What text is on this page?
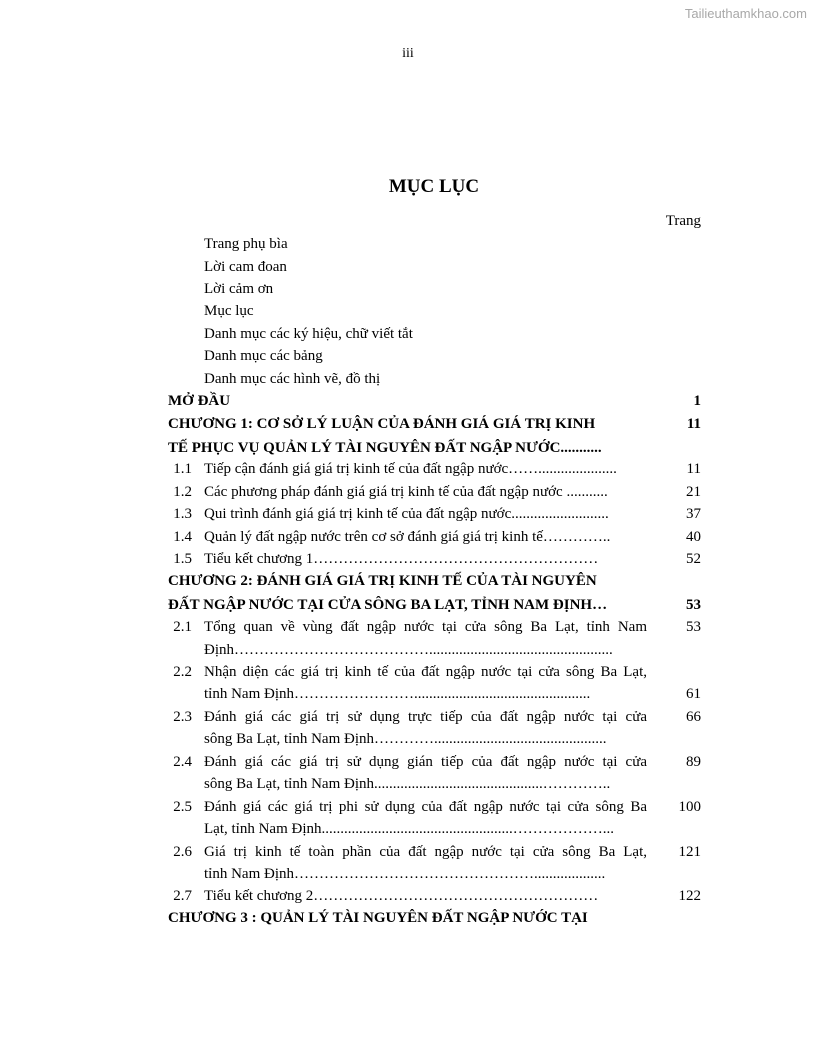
Tailieuthamkhao.com
iii
MỤC LỤC
Trang
Trang phụ bìa
Lời cam đoan
Lời cảm ơn
Mục lục
Danh mục các ký hiệu, chữ viết tắt
Danh mục các bảng
Danh mục các hình vẽ, đồ thị
MỞ ĐẦU	1
CHƯƠNG 1: CƠ SỞ LÝ LUẬN CỦA ĐÁNH GIÁ GIÁ TRỊ KINH	11
TẾ PHỤC VỤ QUẢN LÝ TÀI NGUYÊN ĐẤT NGẬP NƯỚC...........
1.1 Tiếp cận đánh giá giá trị kinh tế của đất ngập nước…….....................	11
1.2 Các phương pháp đánh giá giá trị kinh tế của đất ngập nước ...........	21
1.3 Qui trình đánh giá giá trị kinh tế của đất ngập nước..........................	37
1.4 Quản lý đất ngập nước trên cơ sở đánh giá giá trị kinh tế…………..	40
1.5 Tiểu kết chương 1…………………………………………………	52
CHƯƠNG 2: ĐÁNH GIÁ GIÁ TRỊ KINH TẾ CỦA TÀI NGUYÊN
ĐẤT NGẬP NƯỚC TẠI CỬA SÔNG BA LẠT, TỈNH NAM ĐỊNH…	53
2.1 Tổng quan về vùng đất ngập nước tại cửa sông Ba Lạt, tỉnh Nam	53
Định………………………………….................................................
2.2 Nhận diện các giá trị kinh tế của đất ngập nước tại cửa sông Ba Lạt,
tỉnh Nam Định……………………...............................................	61
2.3 Đánh giá các giá trị sử dụng trực tiếp của đất ngập nước tại cửa	66
sông Ba Lạt, tỉnh Nam Định…………..............................................
2.4 Đánh giá các giá trị sử dụng gián tiếp của đất ngập nước tại cửa	89
sông Ba Lạt, tỉnh Nam Định.............................................…………..
2.5 Đánh giá các giá trị phi sử dụng của đất ngập nước tại cửa sông Ba	100
Lạt, tỉnh Nam Định...................................................………………...
2.6 Giá trị kinh tế toàn phần của đất ngập nước tại cửa sông Ba Lạt,	121
tỉnh Nam Định…………………………………………...................
2.7 Tiểu kết chương 2…………………………………………………	122
CHƯƠNG 3 : QUẢN LÝ TÀI NGUYÊN ĐẤT NGẬP NƯỚC TẠI
